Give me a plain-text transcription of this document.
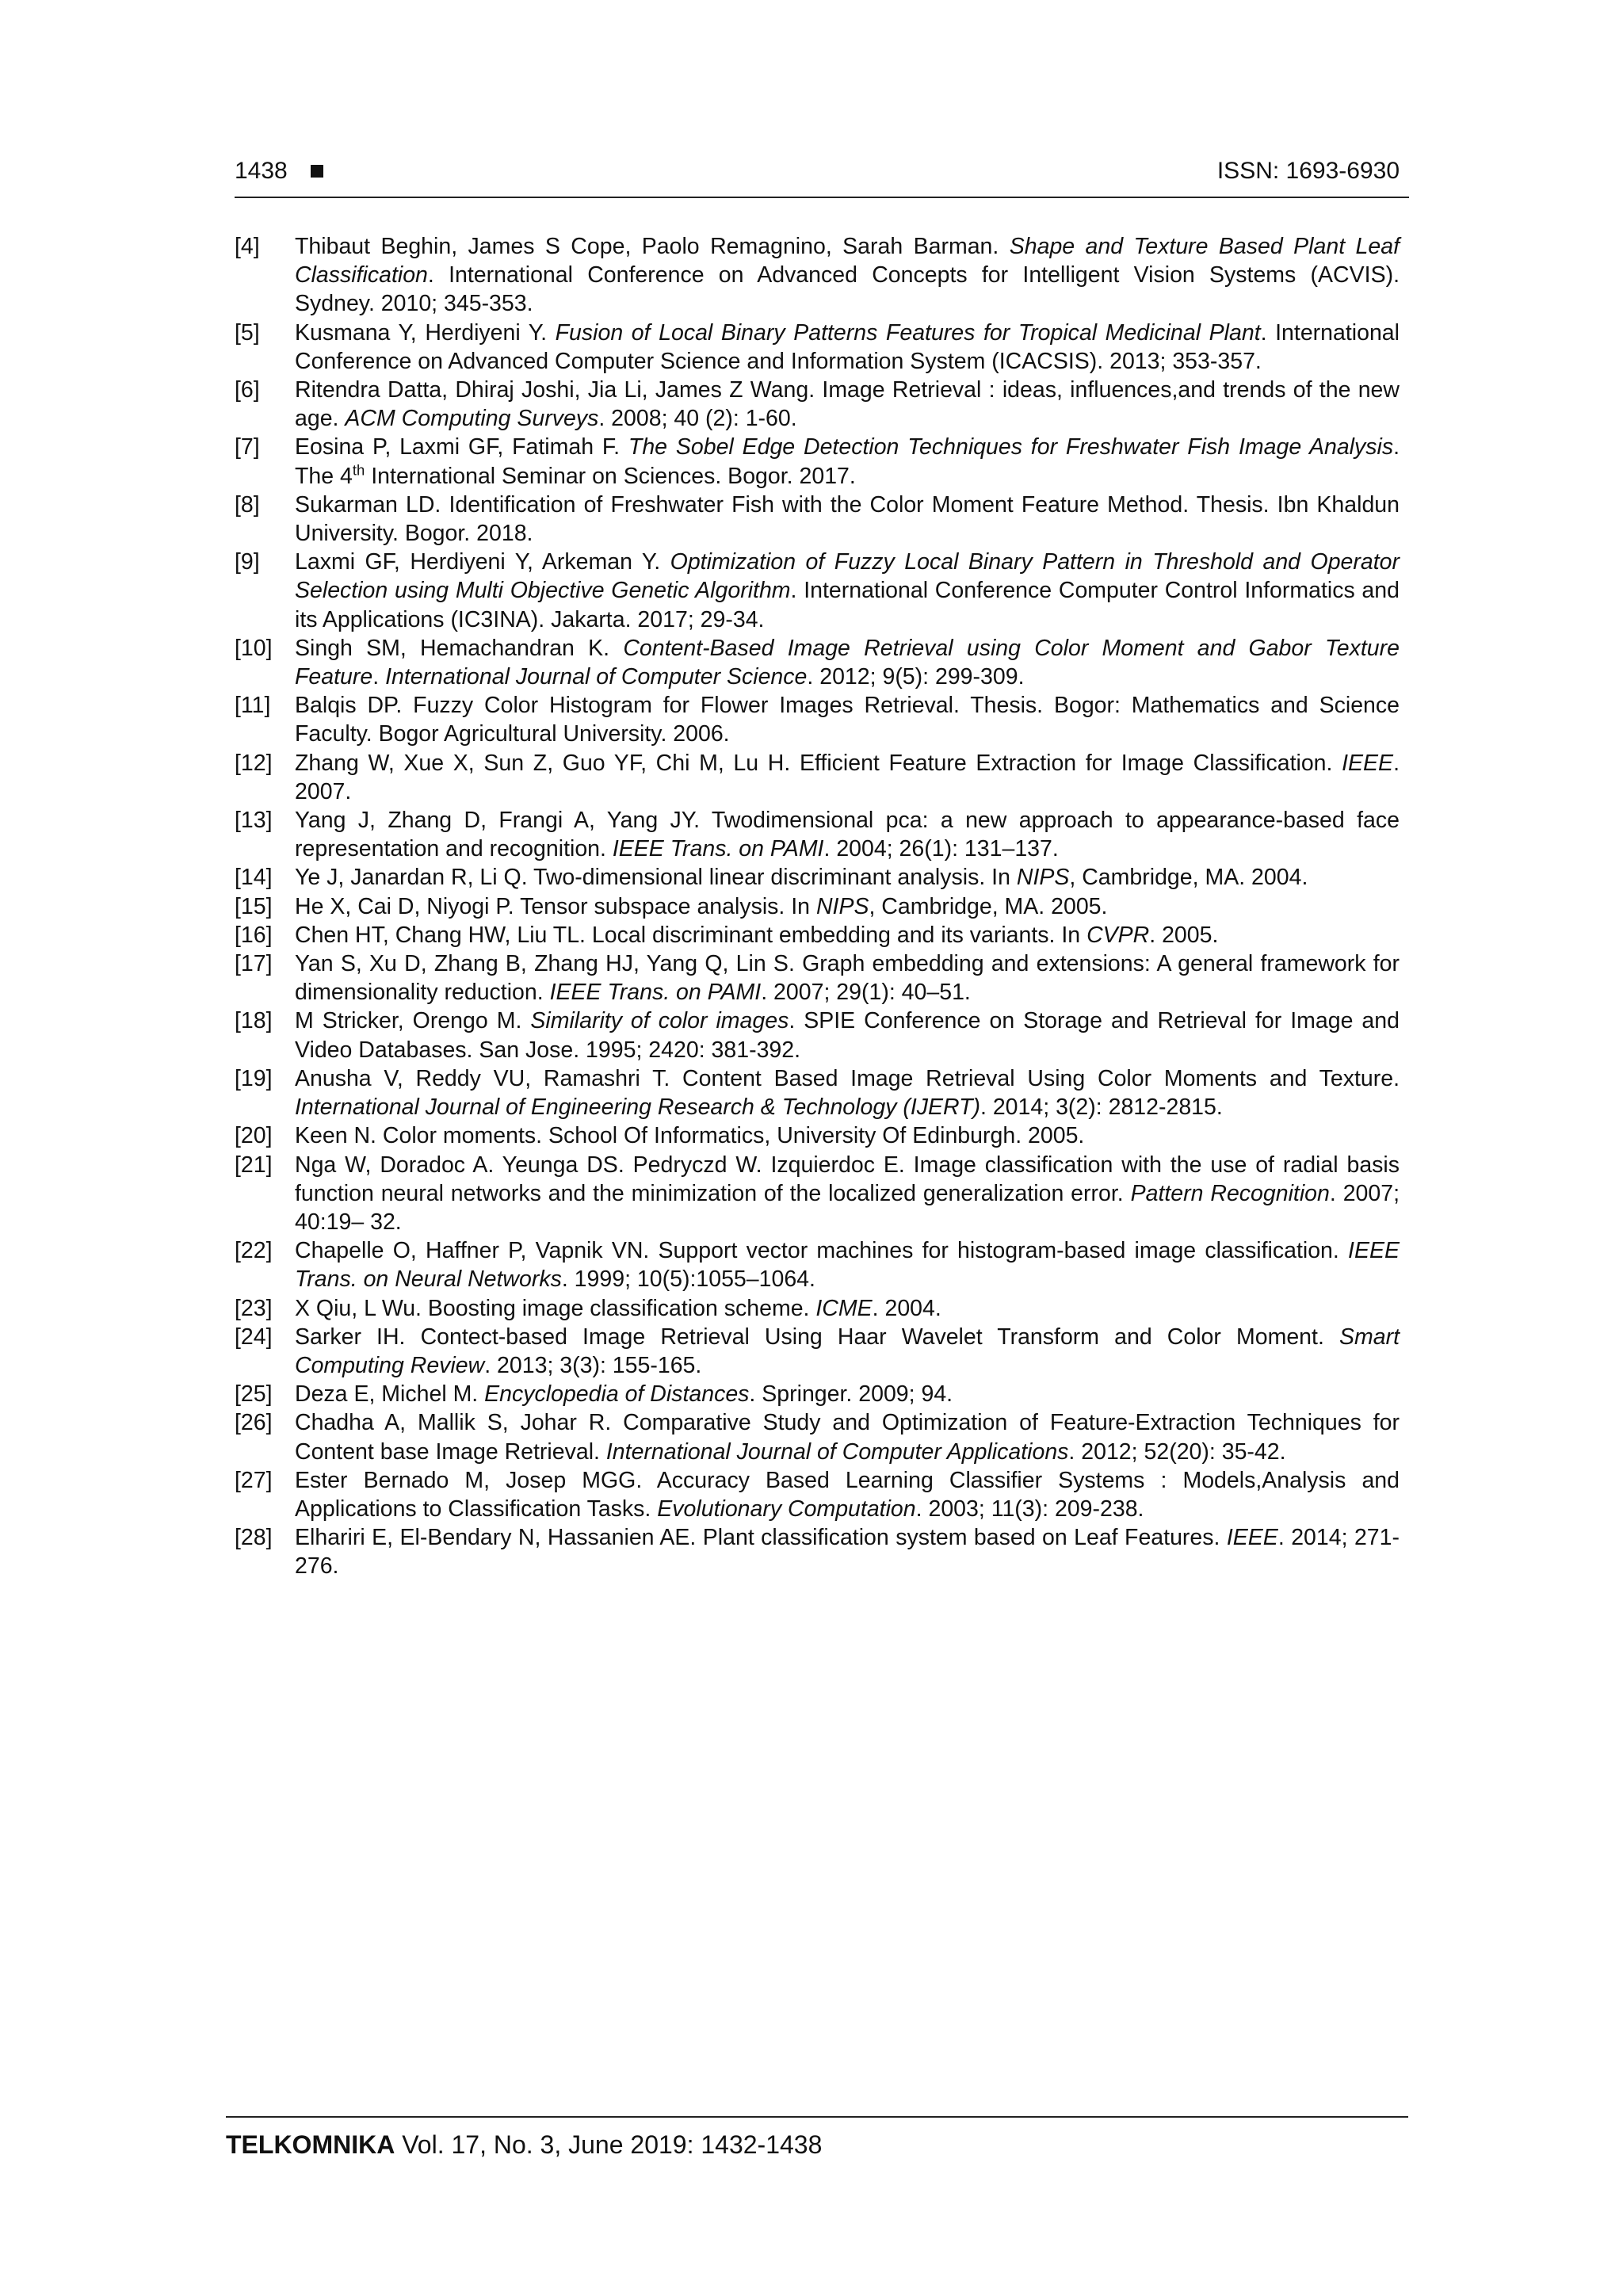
1438	ISSN: 1693-6930
[4]	Thibaut Beghin, James S Cope, Paolo Remagnino, Sarah Barman. Shape and Texture Based Plant Leaf Classification. International Conference on Advanced Concepts for Intelligent Vision Systems (ACVIS). Sydney. 2010; 345-353.
[5]	Kusmana Y, Herdiyeni Y. Fusion of Local Binary Patterns Features for Tropical Medicinal Plant. International Conference on Advanced Computer Science and Information System (ICACSIS). 2013; 353-357.
[6]	Ritendra Datta, Dhiraj Joshi, Jia Li, James Z Wang. Image Retrieval : ideas, influences,and trends of the new age. ACM Computing Surveys. 2008; 40 (2): 1-60.
[7]	Eosina P, Laxmi GF, Fatimah F. The Sobel Edge Detection Techniques for Freshwater Fish Image Analysis. The 4th International Seminar on Sciences. Bogor. 2017.
[8]	Sukarman LD. Identification of Freshwater Fish with the Color Moment Feature Method. Thesis. Ibn Khaldun University. Bogor. 2018.
[9]	Laxmi GF, Herdiyeni Y, Arkeman Y. Optimization of Fuzzy Local Binary Pattern in Threshold and Operator Selection using Multi Objective Genetic Algorithm. International Conference Computer Control Informatics and its Applications (IC3INA). Jakarta. 2017; 29-34.
[10] Singh SM, Hemachandran K. Content-Based Image Retrieval using Color Moment and Gabor Texture Feature. International Journal of Computer Science. 2012; 9(5): 299-309.
[11]	Balqis DP. Fuzzy Color Histogram for Flower Images Retrieval. Thesis. Bogor: Mathematics and Science Faculty. Bogor Agricultural University. 2006.
[12] Zhang W, Xue X, Sun Z, Guo YF, Chi M, Lu H. Efficient Feature Extraction for Image Classification. IEEE. 2007.
[13] Yang J, Zhang D, Frangi A, Yang JY. Twodimensional pca: a new approach to appearance-based face representation and recognition. IEEE Trans. on PAMI. 2004; 26(1): 131–137.
[14] Ye J, Janardan R, Li Q. Two-dimensional linear discriminant analysis. In NIPS, Cambridge, MA. 2004.
[15] He X, Cai D, Niyogi P. Tensor subspace analysis. In NIPS, Cambridge, MA. 2005.
[16] Chen HT, Chang HW, Liu TL. Local discriminant embedding and its variants. In CVPR. 2005.
[17] Yan S, Xu D, Zhang B, Zhang HJ, Yang Q, Lin S. Graph embedding and extensions: A general framework for dimensionality reduction. IEEE Trans. on PAMI. 2007; 29(1): 40–51.
[18] M Stricker, Orengo M. Similarity of color images. SPIE Conference on Storage and Retrieval for Image and Video Databases. San Jose. 1995; 2420: 381-392.
[19] Anusha V, Reddy VU, Ramashri T. Content Based Image Retrieval Using Color Moments and Texture. International Journal of Engineering Research & Technology (IJERT). 2014; 3(2): 2812-2815.
[20] Keen N. Color moments. School Of Informatics, University Of Edinburgh. 2005.
[21] Nga W, Doradoc A. Yeunga DS. Pedryczd W. Izquierdoc E. Image classification with the use of radial basis function neural networks and the minimization of the localized generalization error. Pattern Recognition. 2007; 40:19– 32.
[22] Chapelle O, Haffner P, Vapnik VN. Support vector machines for histogram-based image classification. IEEE Trans. on Neural Networks. 1999; 10(5):1055–1064.
[23] X Qiu, L Wu. Boosting image classification scheme. ICME. 2004.
[24] Sarker IH. Contect-based Image Retrieval Using Haar Wavelet Transform and Color Moment. Smart Computing Review. 2013; 3(3): 155-165.
[25] Deza E, Michel M. Encyclopedia of Distances. Springer. 2009; 94.
[26] Chadha A, Mallik S, Johar R. Comparative Study and Optimization of Feature-Extraction Techniques for Content base Image Retrieval. International Journal of Computer Applications. 2012; 52(20): 35-42.
[27] Ester Bernado M, Josep MGG. Accuracy Based Learning Classifier Systems : Models,Analysis and Applications to Classification Tasks. Evolutionary Computation. 2003; 11(3): 209-238.
[28] Elhariri E, El-Bendary N, Hassanien AE. Plant classification system based on Leaf Features. IEEE. 2014; 271-276.
TELKOMNIKA Vol. 17, No. 3, June 2019: 1432-1438
